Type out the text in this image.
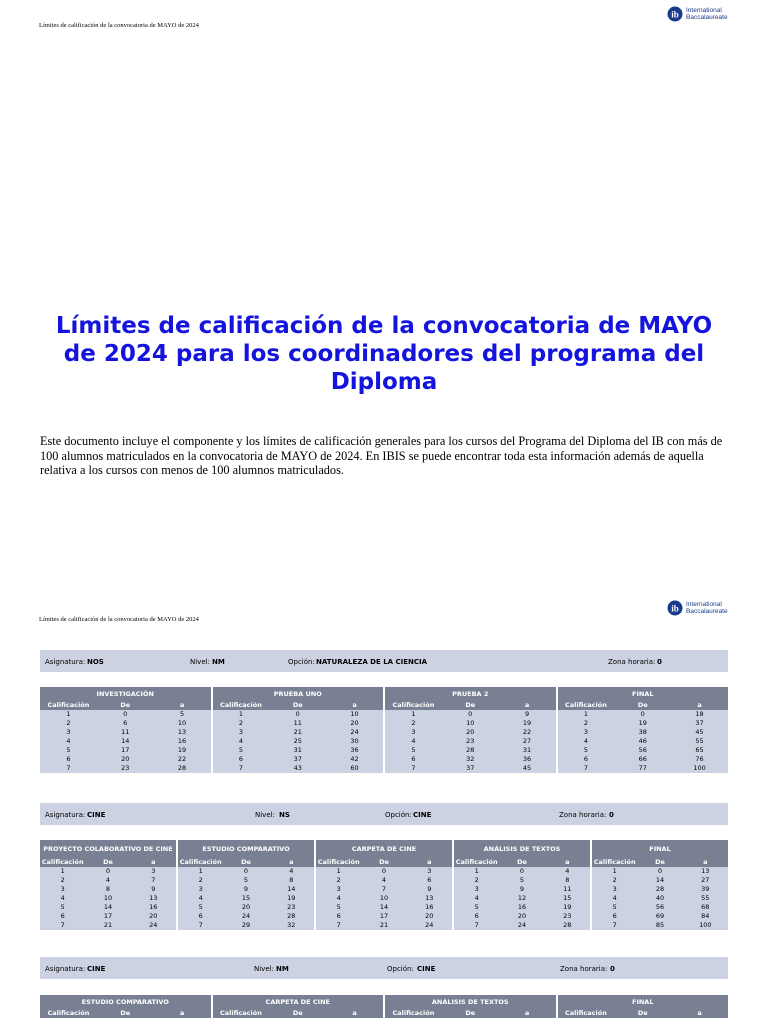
Límites de calificación de la convocatoria de MAYO de 2024
ib International
Baccalaureate
Límites de calificación de la convocatoria de MAYO de 2024 para los coordinadores del programa del Diploma
Este documento incluye el componente y los límites de calificación generales para los cursos del Programa del Diploma del IB con más de 100 alumnos matriculados en la convocatoria de MAYO de 2024. En IBIS se puede encontrar toda esta información además de aquella relativa a los cursos con menos de 100 alumnos matriculados.
Límites de calificación de la convocatoria de MAYO de 2024
ib International
Baccalaureate
Asignatura: NOS	Nivel: NM	Opción: NATURALEZA DE LA CIENCIA	Zona horaria: 0
INVESTIGACIÓN
Calificación	De	a
1	0	5
2	6	10
3	11	13
4	14	16
5	17	19
6	20	22
7	23	28
PRUEBA UNO
Calificación	De	a
1	0	10
2	11	20
3	21	24
4	25	30
5	31	36
6	37	42
7	43	60
PRUEBA 2
Calificación	De	a
1	0	9
2	10	19
3	20	22
4	23	27
5	28	31
6	32	36
7	37	45
FINAL
Calificación	De	a
1	0	18
2	19	37
3	38	45
4	46	55
5	56	65
6	66	76
7	77	100
Asignatura: CINE	Nivel: NS	Opción: CINE	Zona horaria: 0
PROYECTO COLABORATIVO DE CINE
Calificación	De	a
1	0	3
2	4	7
3	8	9
4	10	13
5	14	16
6	17	20
7	21	24
ESTUDIO COMPARATIVO
Calificación	De	a
1	0	4
2	5	8
3	9	14
4	15	19
5	20	23
6	24	28
7	29	32
CARPETA DE CINE
Calificación	De	a
1	0	3
2	4	6
3	7	9
4	10	13
5	14	16
6	17	20
7	21	24
ANÁLISIS DE TEXTOS
Calificación	De	a
1	0	4
2	5	8
3	9	11
4	12	15
5	16	19
6	20	23
7	24	28
FINAL
Calificación	De	a
1	0	13
2	14	27
3	28	39
4	40	55
5	56	68
6	69	84
7	85	100
Asignatura: CINE	Nivel: NM	Opción: CINE	Zona horaria: 0
ESTUDIO COMPARATIVO
Calificación	De	a
CARPETA DE CINE
Calificación	De	a
ANÁLISIS DE TEXTOS
Calificación	De	a
FINAL
Calificación	De	a
